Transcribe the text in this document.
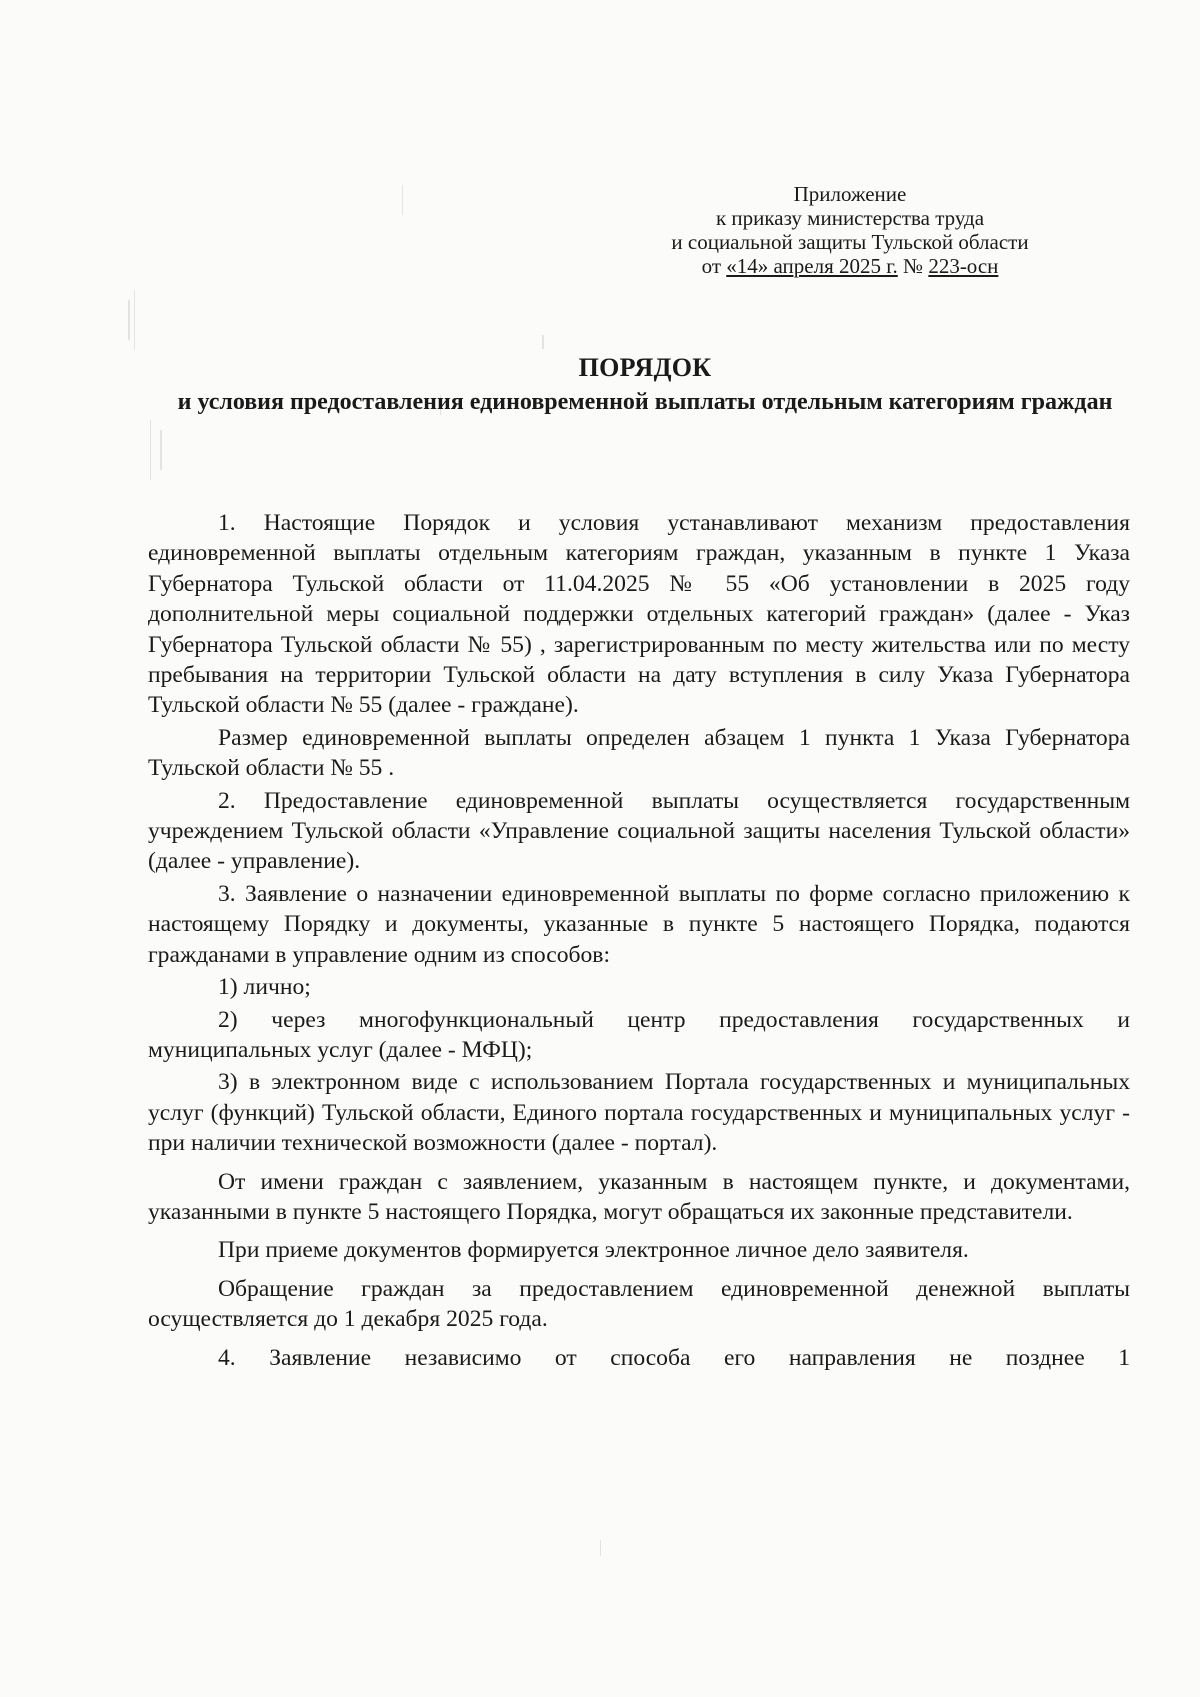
Приложение
к приказу министерства труда
и социальной защиты Тульской области
от «14» апреля 2025 г. № 223-осн
ПОРЯДОК
и условия предоставления единовременной выплаты отдельным категориям граждан

1. Настоящие Порядок и условия устанавливают механизм предоставления единовременной выплаты отдельным категориям граждан, указанным в пункте 1 Указа Губернатора Тульской области от 11.04.2025 № 55 «Об установлении в 2025 году дополнительной меры социальной поддержки отдельных категорий граждан» (далее - Указ Губернатора Тульской области № 55) , зарегистрированным по месту жительства или по месту пребывания на территории Тульской области на дату вступления в силу Указа Губернатора Тульской области № 55 (далее - граждане).

Размер единовременной выплаты определен абзацем 1 пункта 1 Указа Губернатора Тульской области № 55 .

2. Предоставление единовременной выплаты осуществляется государственным учреждением Тульской области «Управление социальной защиты населения Тульской области» (далее - управление).

3. Заявление о назначении единовременной выплаты по форме согласно приложению к настоящему Порядку и документы, указанные в пункте 5 настоящего Порядка, подаются гражданами в управление одним из способов:

1) лично;

2) через многофункциональный центр предоставления государственных и муниципальных услуг (далее - МФЦ);

3) в электронном виде с использованием Портала государственных и муниципальных услуг (функций) Тульской области, Единого портала государственных и муниципальных услуг - при наличии технической возможности (далее - портал).

От имени граждан с заявлением, указанным в настоящем пункте, и документами, указанными в пункте 5 настоящего Порядка, могут обращаться их законные представители.

При приеме документов формируется электронное личное дело заявителя.

Обращение граждан за предоставлением единовременной денежной выплаты осуществляется до 1 декабря 2025 года.

4. Заявление независимо от способа его направления не позднее 1
